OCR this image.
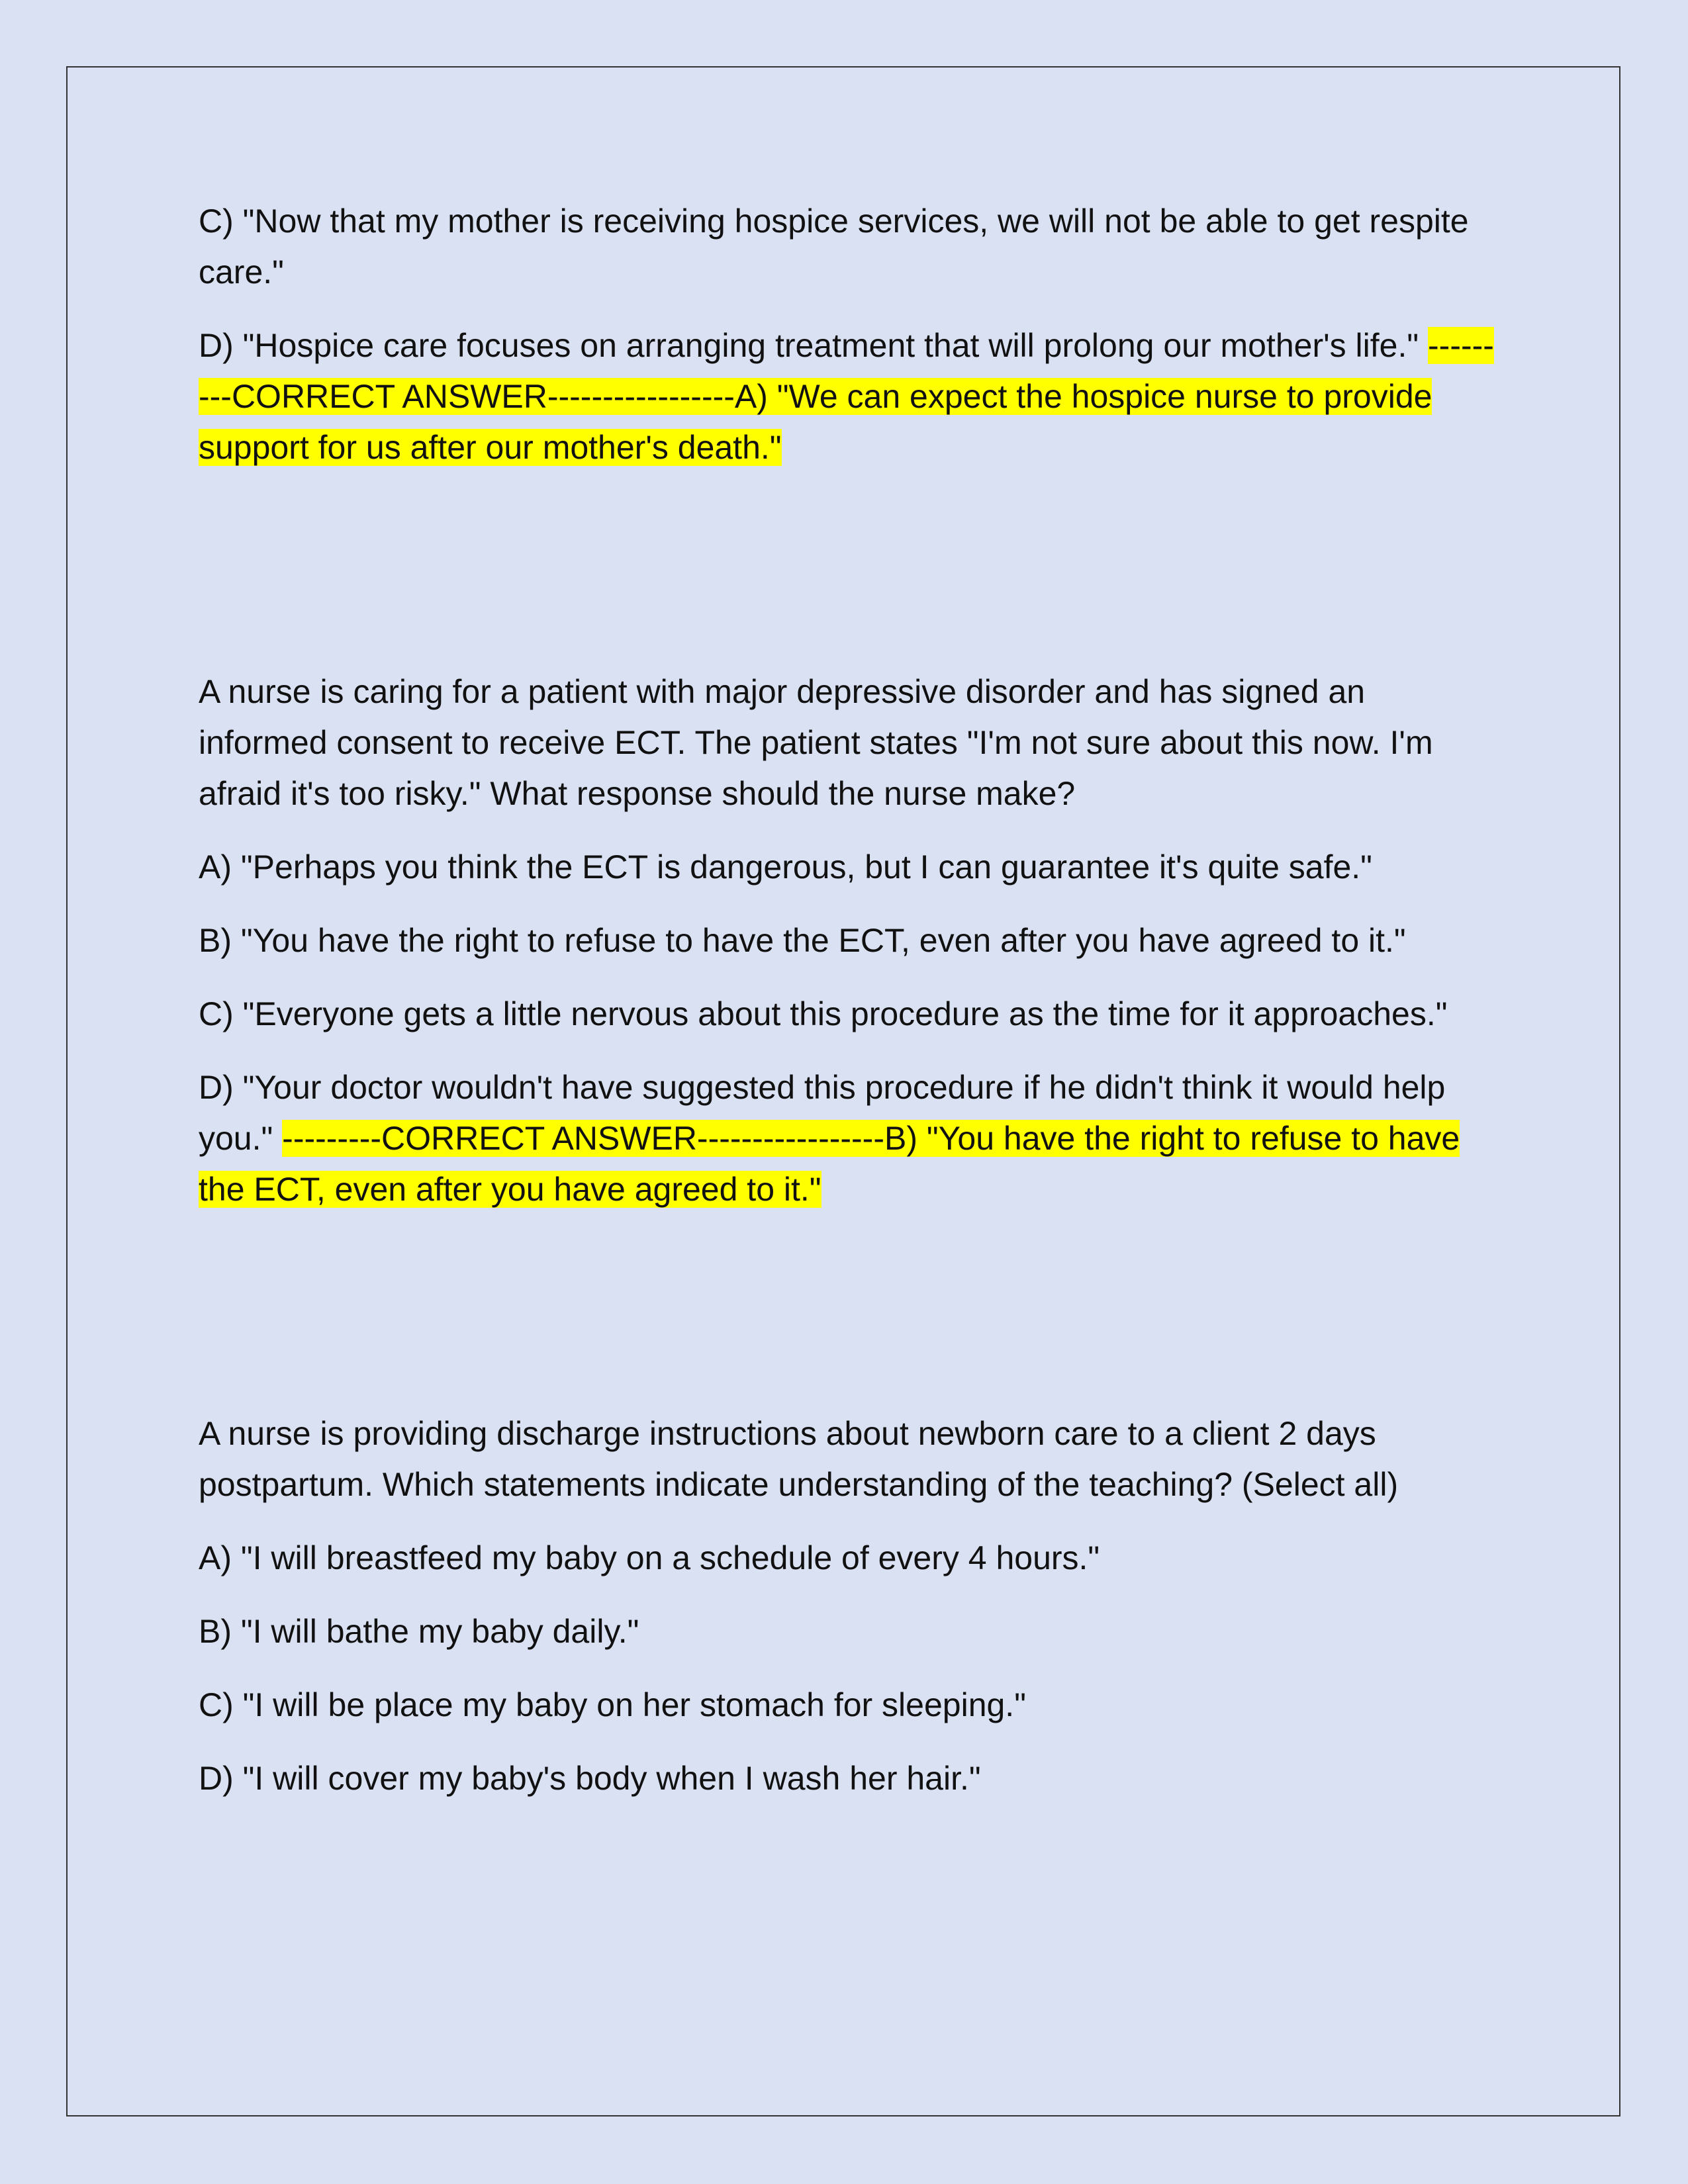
C) "Now that my mother is receiving hospice services, we will not be able to get respite care."

D) "Hospice care focuses on arranging treatment that will prolong our mother's life." ---------CORRECT ANSWER-----------------A) "We can expect the hospice nurse to provide support for us after our mother's death."

A nurse is caring for a patient with major depressive disorder and has signed an informed consent to receive ECT. The patient states "I'm not sure about this now. I'm afraid it's too risky." What response should the nurse make?

A) "Perhaps you think the ECT is dangerous, but I can guarantee it's quite safe."

B) "You have the right to refuse to have the ECT, even after you have agreed to it."

C) "Everyone gets a little nervous about this procedure as the time for it approaches."

D) "Your doctor wouldn't have suggested this procedure if he didn't think it would help you." ---------CORRECT ANSWER-----------------B) "You have the right to refuse to have the ECT, even after you have agreed to it."

A nurse is providing discharge instructions about newborn care to a client 2 days postpartum. Which statements indicate understanding of the teaching? (Select all)

A) "I will breastfeed my baby on a schedule of every 4 hours."

B) "I will bathe my baby daily."

C) "I will be place my baby on her stomach for sleeping."

D) "I will cover my baby's body when I wash her hair."
